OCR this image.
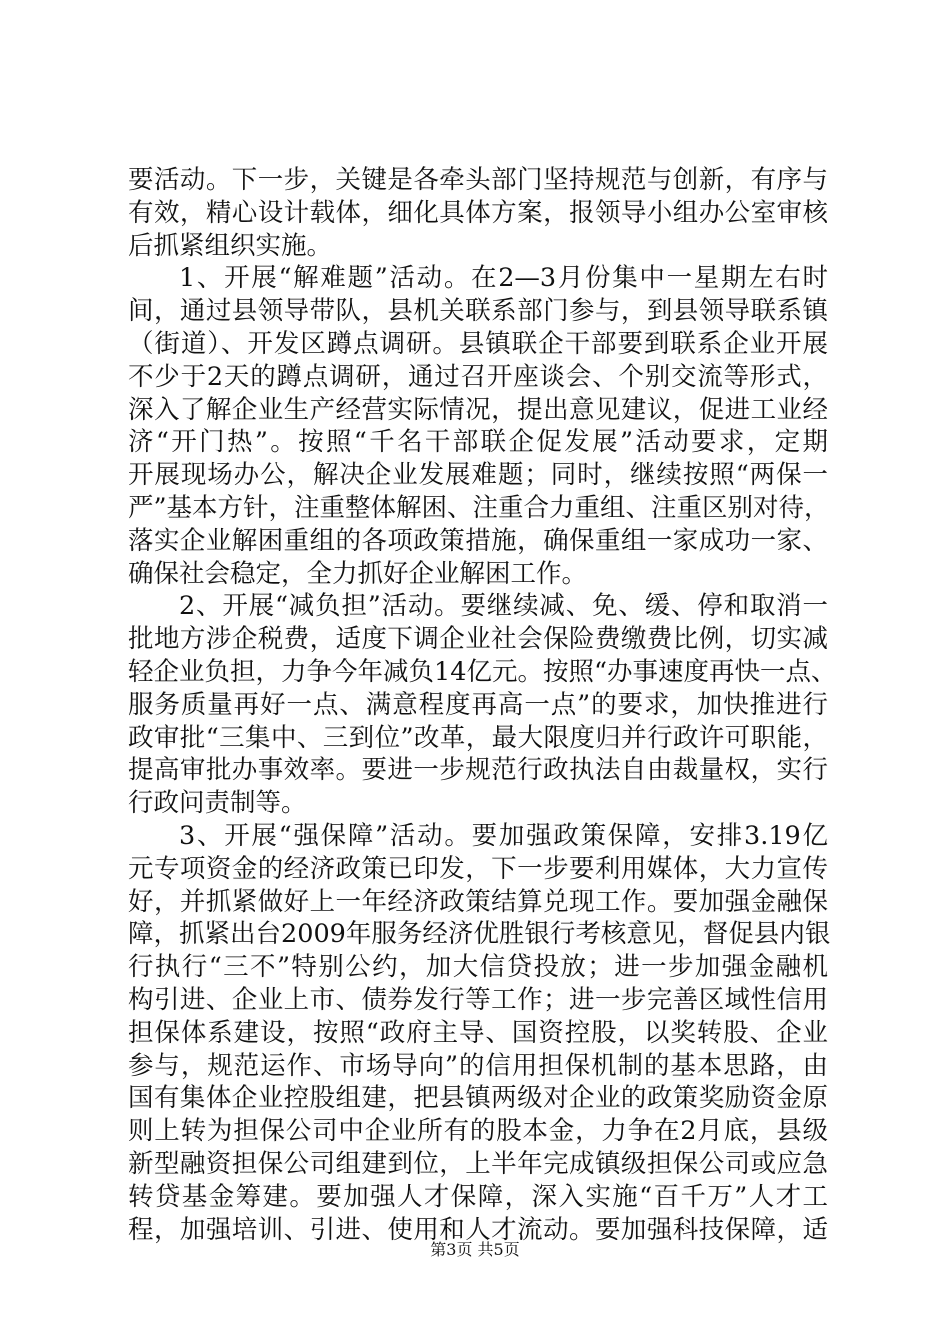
要活动。下一步，关键是各牵头部门坚持规范与创新，有序与
有效，精心设计载体，细化具体方案，报领导小组办公室审核
后抓紧组织实施。
1、开展“解难题”活动。在2—3月份集中一星期左右时
间，通过县领导带队，县机关联系部门参与，到县领导联系镇
（街道）、开发区蹲点调研。县镇联企干部要到联系企业开展
不少于2天的蹲点调研，通过召开座谈会、个别交流等形式，
深入了解企业生产经营实际情况，提出意见建议，促进工业经
济“开门热”。按照“千名干部联企促发展”活动要求，定期
开展现场办公，解决企业发展难题；同时，继续按照“两保一
严”基本方针，注重整体解困、注重合力重组、注重区别对待，
落实企业解困重组的各项政策措施，确保重组一家成功一家、
确保社会稳定，全力抓好企业解困工作。
2、开展“减负担”活动。要继续减、免、缓、停和取消一
批地方涉企税费，适度下调企业社会保险费缴费比例，切实减
轻企业负担，力争今年减负14亿元。按照“办事速度再快一点、
服务质量再好一点、满意程度再高一点”的要求，加快推进行
政审批“三集中、三到位”改革，最大限度归并行政许可职能，
提高审批办事效率。要进一步规范行政执法自由裁量权，实行
行政问责制等。
3、开展“强保障”活动。要加强政策保障，安排3.19亿
元专项资金的经济政策已印发，下一步要利用媒体，大力宣传
好，并抓紧做好上一年经济政策结算兑现工作。要加强金融保
障，抓紧出台2009年服务经济优胜银行考核意见，督促县内银
行执行“三不”特别公约，加大信贷投放；进一步加强金融机
构引进、企业上市、债券发行等工作；进一步完善区域性信用
担保体系建设，按照“政府主导、国资控股，以奖转股、企业
参与，规范运作、市场导向”的信用担保机制的基本思路，由
国有集体企业控股组建，把县镇两级对企业的政策奖励资金原
则上转为担保公司中企业所有的股本金，力争在2月底，县级
新型融资担保公司组建到位，上半年完成镇级担保公司或应急
转贷基金筹建。要加强人才保障，深入实施“百千万”人才工
程，加强培训、引进、使用和人才流动。要加强科技保障，适
第3页 共5页
